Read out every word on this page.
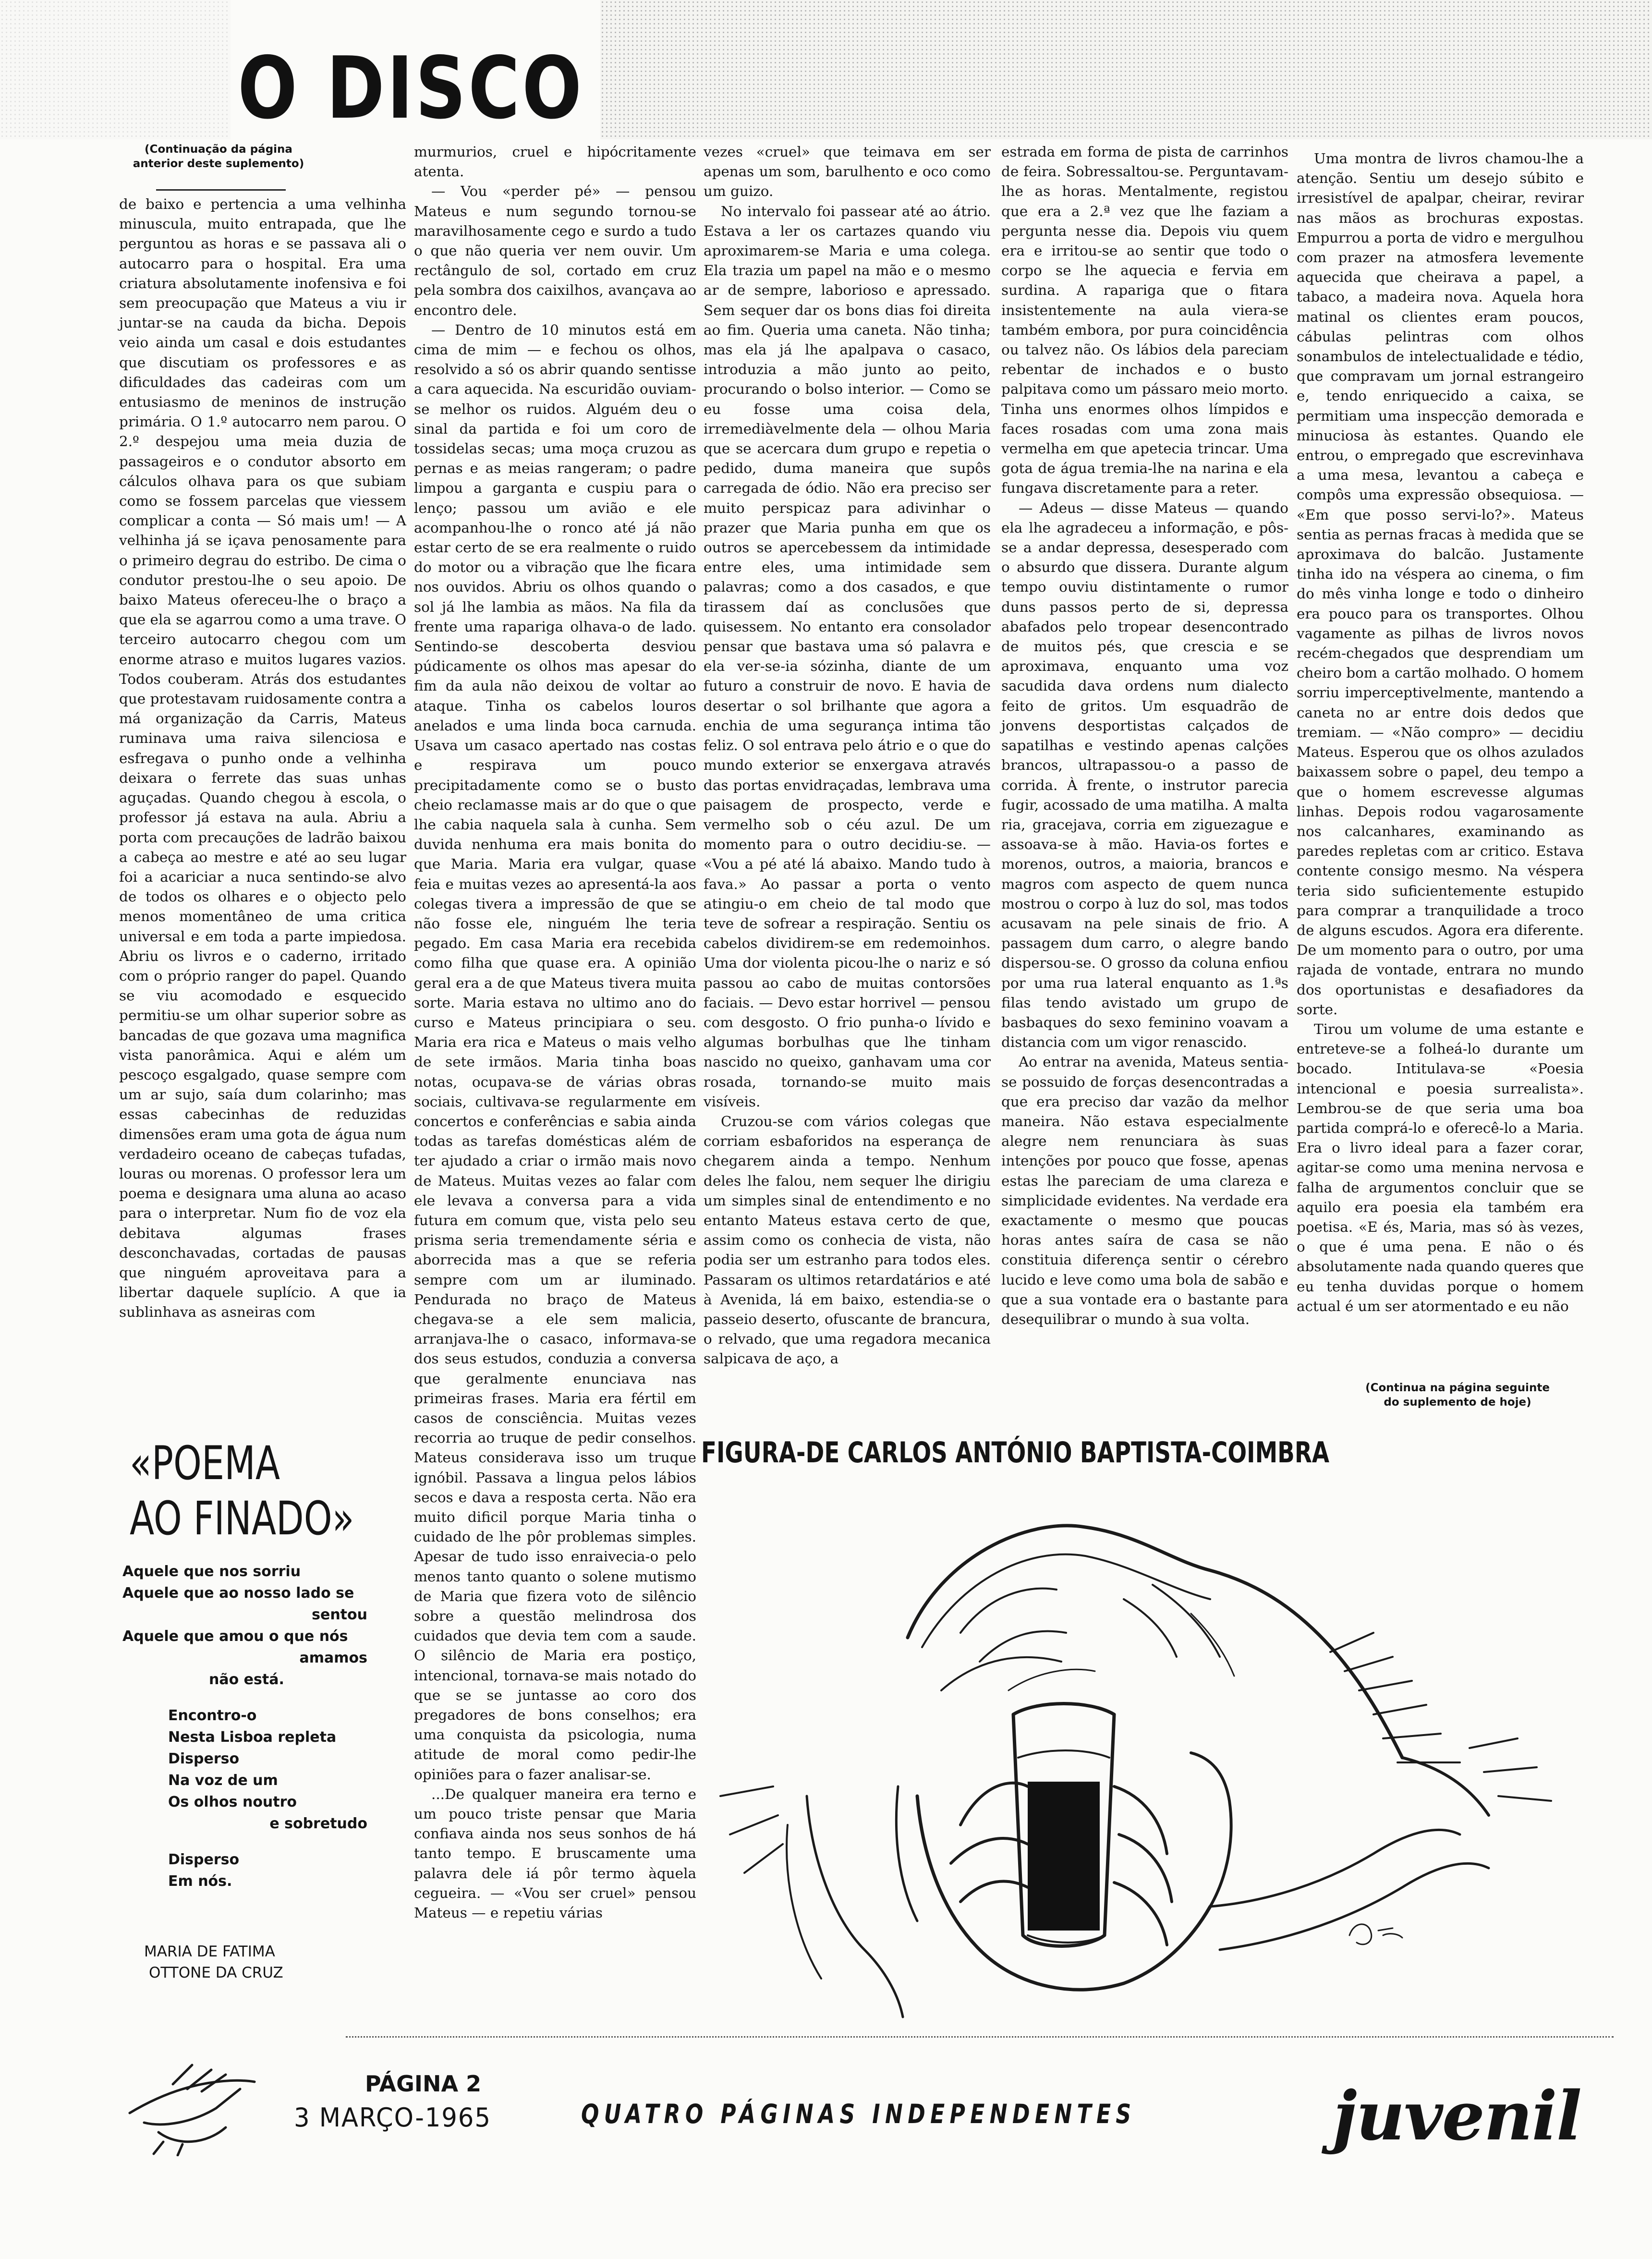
O DISCO
(Continuação da página anterior deste suplemento)

de baixo e pertencia a uma velhinha minuscula, muito entrapada, que lhe perguntou as horas e se passava ali o autocarro para o hospital. Era uma criatura absolutamente inofensiva e foi sem preocupação que Mateus a viu ir juntar-se na cauda da bicha. Depois veio ainda um casal e dois estudantes que discutiam os professores e as dificuldades das cadeiras com um entusiasmo de meninos de instrução primária. O 1.º autocarro nem parou. O 2.º despejou uma meia duzia de passageiros e o condutor absorto em cálculos olhava para os que subiam como se fossem parcelas que viessem complicar a conta — Só mais um! — A velhinha já se içava penosamente para o primeiro degrau do estribo. De cima o condutor prestou-lhe o seu apoio. De baixo Mateus ofereceu-lhe o braço a que ela se agarrou como a uma trave. O terceiro autocarro chegou com um enorme atraso e muitos lugares vazios. Todos couberam. Atrás dos estudantes que protestavam ruidosamente contra a má organização da Carris, Mateus ruminava uma raiva silenciosa e esfregava o punho onde a velhinha deixara o ferrete das suas unhas aguçadas. Quando chegou à escola, o professor já estava na aula. Abriu a porta com precauções de ladrão baixou a cabeça ao mestre e até ao seu lugar foi a acariciar a nuca sentindo-se alvo de todos os olhares e o objecto pelo menos momentâneo de uma critica universal e em toda a parte impiedosa. Abriu os livros e o caderno, irritado com o próprio ranger do papel. Quando se viu acomodado e esquecido permitiu-se um olhar superior sobre as bancadas de que gozava uma magnifica vista panorâmica. Aqui e além um pescoço esgalgado, quase sempre com um ar sujo, saía dum colarinho; mas essas cabecinhas de reduzidas dimensões eram uma gota de água num verdadeiro oceano de cabeças tufadas, louras ou morenas. O professor lera um poema e designara uma aluna ao acaso para o interpretar. Num fio de voz ela debitava algumas frases desconchavadas, cortadas de pausas que ninguém aproveitava para a libertar daquele suplício. A que ia sublinhava as asneiras com

murmurios, cruel e hipócritamente atenta.

— Vou «perder pé» — pensou Mateus e num segundo tornou-se maravilhosamente cego e surdo a tudo o que não queria ver nem ouvir. Um rectângulo de sol, cortado em cruz pela sombra dos caixilhos, avançava ao encontro dele.

— Dentro de 10 minutos está em cima de mim — e fechou os olhos, resolvido a só os abrir quando sentisse a cara aquecida. Na escuridão ouviam-se melhor os ruidos. Alguém deu o sinal da partida e foi um coro de tossidelas secas; uma moça cruzou as pernas e as meias rangeram; o padre limpou a garganta e cuspiu para o lenço; passou um avião e ele acompanhou-lhe o ronco até já não estar certo de se era realmente o ruido do motor ou a vibração que lhe ficara nos ouvidos. Abriu os olhos quando o sol já lhe lambia as mãos. Na fila da frente uma rapariga olhava-o de lado. Sentindo-se descoberta desviou púdicamente os olhos mas apesar do fim da aula não deixou de voltar ao ataque. Tinha os cabelos louros anelados e uma linda boca carnuda. Usava um casaco apertado nas costas e respirava um pouco precipitadamente como se o busto cheio reclamasse mais ar do que o que lhe cabia naquela sala à cunha. Sem duvida nenhuma era mais bonita do que Maria. Maria era vulgar, quase feia e muitas vezes ao apresentá-la aos colegas tivera a impressão de que se não fosse ele, ninguém lhe teria pegado. Em casa Maria era recebida como filha que quase era. A opinião geral era a de que Mateus tivera muita sorte. Maria estava no ultimo ano do curso e Mateus principiara o seu. Maria era rica e Mateus o mais velho de sete irmãos. Maria tinha boas notas, ocupava-se de várias obras sociais, cultivava-se regularmente em concertos e conferências e sabia ainda todas as tarefas domésticas além de ter ajudado a criar o irmão mais novo de Mateus. Muitas vezes ao falar com ele levava a conversa para a vida futura em comum que, vista pelo seu prisma seria tremendamente séria e aborrecida mas a que se referia sempre com um ar iluminado. Pendurada no braço de Mateus chegava-se a ele sem malicia, arranjava-lhe o casaco, informava-se dos seus estudos, conduzia a conversa que geralmente enunciava nas primeiras frases. Maria era fértil em casos de consciência. Muitas vezes recorria ao truque de pedir conselhos. Mateus considerava isso um truque ignóbil. Passava a lingua pelos lábios secos e dava a resposta certa. Não era muito dificil porque Maria tinha o cuidado de lhe pôr problemas simples. Apesar de tudo isso enraivecia-o pelo menos tanto quanto o solene mutismo de Maria que fizera voto de silêncio sobre a questão melindrosa dos cuidados que devia tem com a saude. O silêncio de Maria era postiço, intencional, tornava-se mais notado do que se se juntasse ao coro dos pregadores de bons conselhos; era uma conquista da psicologia, numa atitude de moral como pedir-lhe opiniões para o fazer analisar-se.

...De qualquer maneira era terno e um pouco triste pensar que Maria confiava ainda nos seus sonhos de há tanto tempo. E bruscamente uma palavra dele iá pôr termo àquela cegueira. — «Vou ser cruel» pensou Mateus — e repetiu várias

vezes «cruel» que teimava em ser apenas um som, barulhento e oco como um guizo.

No intervalo foi passear até ao átrio. Estava a ler os cartazes quando viu aproximarem-se Maria e uma colega. Ela trazia um papel na mão e o mesmo ar de sempre, laborioso e apressado. Sem sequer dar os bons dias foi direita ao fim. Queria uma caneta. Não tinha; mas ela já lhe apalpava o casaco, introduzia a mão junto ao peito, procurando o bolso interior. — Como se eu fosse uma coisa dela, irremediàvelmente dela — olhou Maria que se acercara dum grupo e repetia o pedido, duma maneira que supôs carregada de ódio. Não era preciso ser muito perspicaz para adivinhar o prazer que Maria punha em que os outros se apercebessem da intimidade entre eles, uma intimidade sem palavras; como a dos casados, e que tirassem daí as conclusões que quisessem. No entanto era consolador pensar que bastava uma só palavra e ela ver-se-ia sózinha, diante de um futuro a construir de novo. E havia de desertar o sol brilhante que agora a enchia de uma segurança intima tão feliz. O sol entrava pelo átrio e o que do mundo exterior se enxergava através das portas envidraçadas, lembrava uma paisagem de prospecto, verde e vermelho sob o céu azul. De um momento para o outro decidiu-se. — «Vou a pé até lá abaixo. Mando tudo à fava.» Ao passar a porta o vento atingiu-o em cheio de tal modo que teve de sofrear a respiração. Sentiu os cabelos dividirem-se em redemoinhos. Uma dor violenta picou-lhe o nariz e só passou ao cabo de muitas contorsões faciais. — Devo estar horrivel — pensou com desgosto. O frio punha-o lívido e algumas borbulhas que lhe tinham nascido no queixo, ganhavam uma cor rosada, tornando-se muito mais visíveis.

Cruzou-se com vários colegas que corriam esbaforidos na esperança de chegarem ainda a tempo. Nenhum deles lhe falou, nem sequer lhe dirigiu um simples sinal de entendimento e no entanto Mateus estava certo de que, assim como os conhecia de vista, não podia ser um estranho para todos eles. Passaram os ultimos retardatários e até à Avenida, lá em baixo, estendia-se o passeio deserto, ofuscante de brancura, o relvado, que uma regadora mecanica salpicava de aço, a

estrada em forma de pista de carrinhos de feira. Sobressaltou-se. Perguntavam-lhe as horas. Mentalmente, registou que era a 2.ª vez que lhe faziam a pergunta nesse dia. Depois viu quem era e irritou-se ao sentir que todo o corpo se lhe aquecia e fervia em surdina. A rapariga que o fitara insistentemente na aula viera-se também embora, por pura coincidência ou talvez não. Os lábios dela pareciam rebentar de inchados e o busto palpitava como um pássaro meio morto. Tinha uns enormes olhos límpidos e faces rosadas com uma zona mais vermelha em que apetecia trincar. Uma gota de água tremia-lhe na narina e ela fungava discretamente para a reter.

— Adeus — disse Mateus — quando ela lhe agradeceu a informação, e pôs-se a andar depressa, desesperado com o absurdo que dissera. Durante algum tempo ouviu distintamente o rumor duns passos perto de si, depressa abafados pelo tropear desencontrado de muitos pés, que crescia e se aproximava, enquanto uma voz sacudida dava ordens num dialecto feito de gritos. Um esquadrão de jonvens desportistas calçados de sapatilhas e vestindo apenas calções brancos, ultrapassou-o a passo de corrida. À frente, o instrutor parecia fugir, acossado de uma matilha. A malta ria, gracejava, corria em ziguezague e assoava-se à mão. Havia-os fortes e morenos, outros, a maioria, brancos e magros com aspecto de quem nunca mostrou o corpo à luz do sol, mas todos acusavam na pele sinais de frio. A passagem dum carro, o alegre bando dispersou-se. O grosso da coluna enfiou por uma rua lateral enquanto as 1.ªs filas tendo avistado um grupo de basbaques do sexo feminino voavam a distancia com um vigor renascido.

Ao entrar na avenida, Mateus sentia-se possuido de forças desencontradas a que era preciso dar vazão da melhor maneira. Não estava especialmente alegre nem renunciara às suas intenções por pouco que fosse, apenas estas lhe pareciam de uma clareza e simplicidade evidentes. Na verdade era exactamente o mesmo que poucas horas antes saíra de casa se não constituia diferença sentir o cérebro lucido e leve como uma bola de sabão e que a sua vontade era o bastante para desequilibrar o mundo à sua volta.

Uma montra de livros chamou-lhe a atenção. Sentiu um desejo súbito e irresistível de apalpar, cheirar, revirar nas mãos as brochuras expostas. Empurrou a porta de vidro e mergulhou com prazer na atmosfera levemente aquecida que cheirava a papel, a tabaco, a madeira nova. Aquela hora matinal os clientes eram poucos, cábulas pelintras com olhos sonambulos de intelectualidade e tédio, que compravam um jornal estrangeiro e, tendo enriquecido a caixa, se permitiam uma inspecção demorada e minuciosa às estantes. Quando ele entrou, o empregado que escrevinhava a uma mesa, levantou a cabeça e compôs uma expressão obsequiosa. — «Em que posso servi-lo?». Mateus sentia as pernas fracas à medida que se aproximava do balcão. Justamente tinha ido na véspera ao cinema, o fim do mês vinha longe e todo o dinheiro era pouco para os transportes. Olhou vagamente as pilhas de livros novos recém-chegados que desprendiam um cheiro bom a cartão molhado. O homem sorriu imperceptivelmente, mantendo a caneta no ar entre dois dedos que tremiam. — «Não compro» — decidiu Mateus. Esperou que os olhos azulados baixassem sobre o papel, deu tempo a que o homem escrevesse algumas linhas. Depois rodou vagarosamente nos calcanhares, examinando as paredes repletas com ar critico. Estava contente consigo mesmo. Na véspera teria sido suficientemente estupido para comprar a tranquilidade a troco de alguns escudos. Agora era diferente. De um momento para o outro, por uma rajada de vontade, entrara no mundo dos oportunistas e desafiadores da sorte.

Tirou um volume de uma estante e entreteve-se a folheá-lo durante um bocado. Intitulava-se «Poesia intencional e poesia surrealista». Lembrou-se de que seria uma boa partida comprá-lo e oferecê-lo a Maria. Era o livro ideal para a fazer corar, agitar-se como uma menina nervosa e falha de argumentos concluir que se aquilo era poesia ela também era poetisa. «E és, Maria, mas só às vezes, o que é uma pena. E não o és absolutamente nada quando queres que eu tenha duvidas porque o homem actual é um ser atormentado e eu não

(Continua na página seguinte do suplemento de hoje)
«POEMA
AO FINADO»
Aquele que nos sorriu
Aquele que ao nosso lado se
sentou
Aquele que amou o que nós
amamos
não está.
Encontro-o
Nesta Lisboa repleta
Disperso
Na voz de um
Os olhos noutro
e sobretudo
Disperso
Em nós.
MARIA DE FATIMA
OTTONE DA CRUZ
FIGURA-DE CARLOS ANTÓNIO BAPTISTA-COIMBRA
PÁGINA 2
3 MARÇO-1965	QUATRO PÁGINAS INDEPENDENTES	juvenil
